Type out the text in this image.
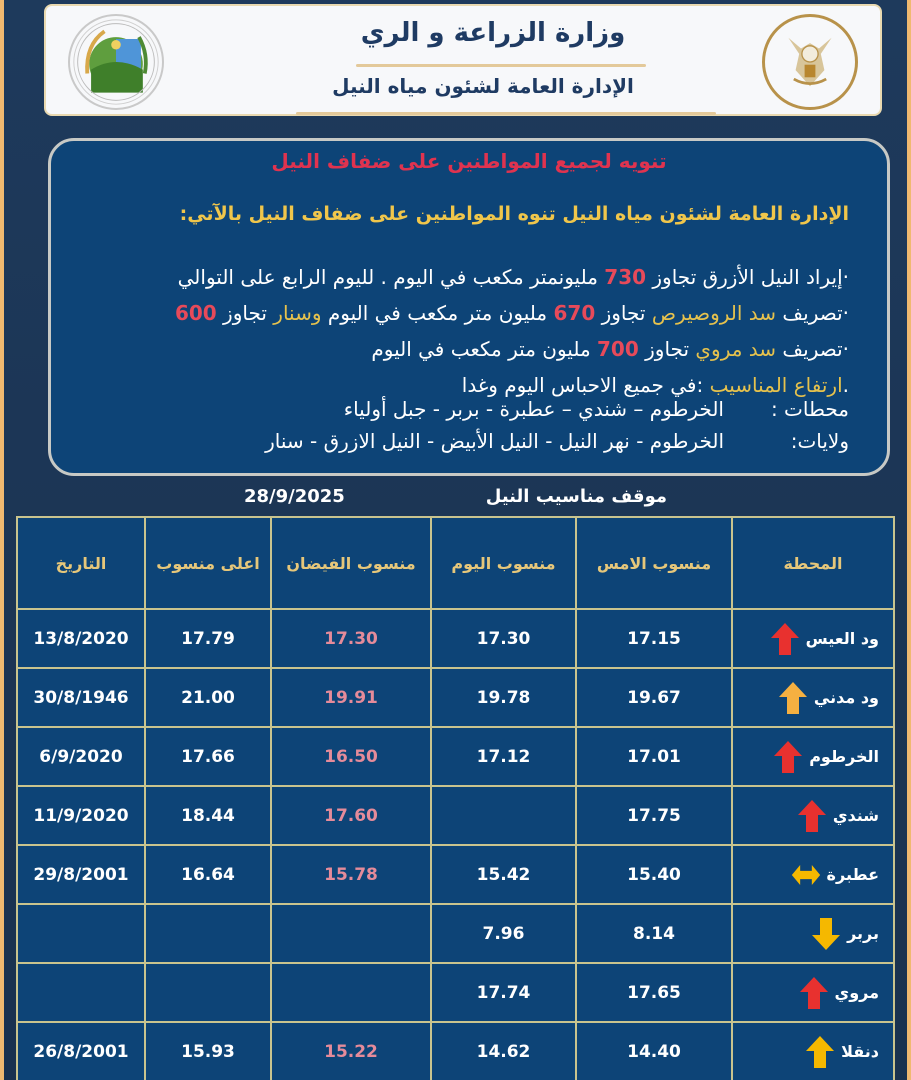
وزارة الزراعة و الري
الإدارة العامة لشئون مياه النيل
تنويه لجميع المواطنين على ضفاف النيل
الإدارة العامة لشئون مياه النيل تنوه المواطنين على ضفاف النيل بالآتي:
·إيراد النيل الأزرق تجاوز 730 مليونمتر مكعب في اليوم . لليوم الرابع على التوالي
·تصريف سد الروصيرص تجاوز 670 مليون متر مكعب في اليوم وسنار تجاوز 600
·تصريف سد مروي تجاوز 700 مليون متر مكعب في اليوم
.ارتفاع المناسيب :في جميع الاحباس اليوم وغدا
محطات :
الخرطوم – شندي – عطبرة - بربر - جبل أولياء
ولايات:
الخرطوم - نهر النيل - النيل الأبيض - النيل الازرق - سنار
موقف مناسيب النيل
28/9/2025
المحطة	منسوب الامس	منسوب اليوم	منسوب الفيضان	اعلى منسوب	التاريخ

ود العيس	17.15	17.30	17.30	17.79	13/8/2020

ود مدني	19.67	19.78	19.91	21.00	30/8/1946

الخرطوم	17.01	17.12	16.50	17.66	6/9/2020

شندي	17.75		17.60	18.44	11/9/2020

عطبرة	15.40	15.42	15.78	16.64	29/8/2001

بربر	8.14	7.96			

مروي	17.65	17.74			

دنقلا	14.40	14.62	15.22	15.93	26/8/2001
